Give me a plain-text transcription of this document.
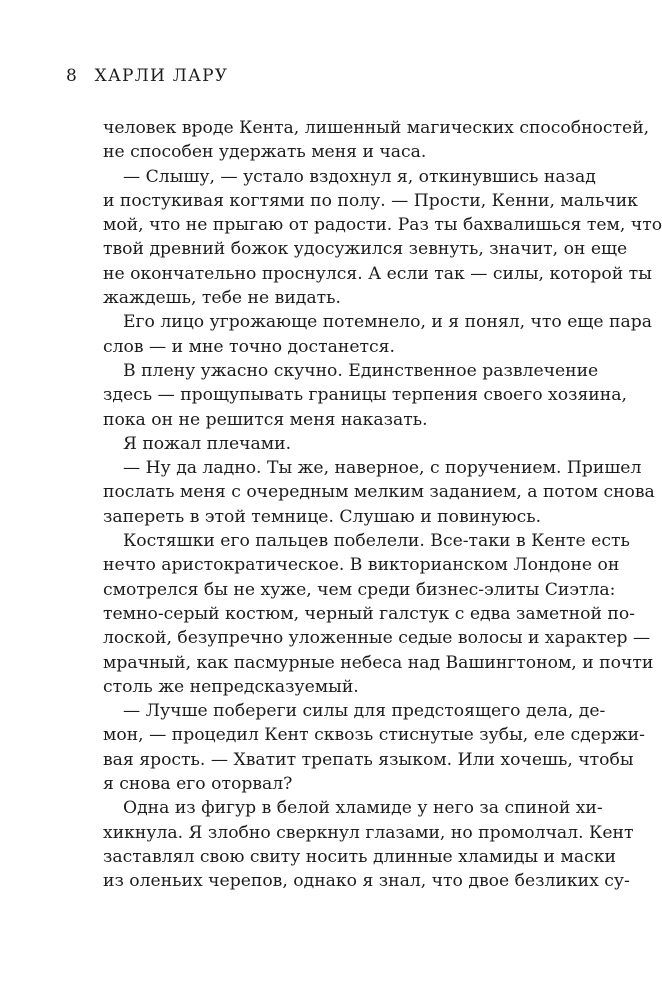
8 ХАРЛИ ЛАРУ
человек вроде Кента, лишенный магических способностей,
не способен удержать меня и часа.
— Слышу, — устало вздохнул я, откинувшись назад
и постукивая когтями по полу. — Прости, Кенни, мальчик
мой, что не прыгаю от радости. Раз ты бахвалишься тем, что
твой древний божок удосужился зевнуть, значит, он еще
не окончательно проснулся. А если так — силы, которой ты
жаждешь, тебе не видать.
Его лицо угрожающе потемнело, и я понял, что еще пара
слов — и мне точно достанется.
В плену ужасно скучно. Единственное развлечение
здесь — прощупывать границы терпения своего хозяина,
пока он не решится меня наказать.
Я пожал плечами.
— Ну да ладно. Ты же, наверное, с поручением. Пришел
послать меня с очередным мелким заданием, а потом снова
запереть в этой темнице. Слушаю и повинуюсь.
Костяшки его пальцев побелели. Все-таки в Кенте есть
нечто аристократическое. В викторианском Лондоне он
смотрелся бы не хуже, чем среди бизнес-элиты Сиэтла:
темно-серый костюм, черный галстук с едва заметной по-
лоской, безупречно уложенные седые волосы и характер —
мрачный, как пасмурные небеса над Вашингтоном, и почти
столь же непредсказуемый.
— Лучше побереги силы для предстоящего дела, де-
мон, — процедил Кент сквозь стиснутые зубы, еле сдержи-
вая ярость. — Хватит трепать языком. Или хочешь, чтобы
я снова его оторвал?
Одна из фигур в белой хламиде у него за спиной хи-
хикнула. Я злобно сверкнул глазами, но промолчал. Кент
заставлял свою свиту носить длинные хламиды и маски
из оленьих черепов, однако я знал, что двое безликих су-
